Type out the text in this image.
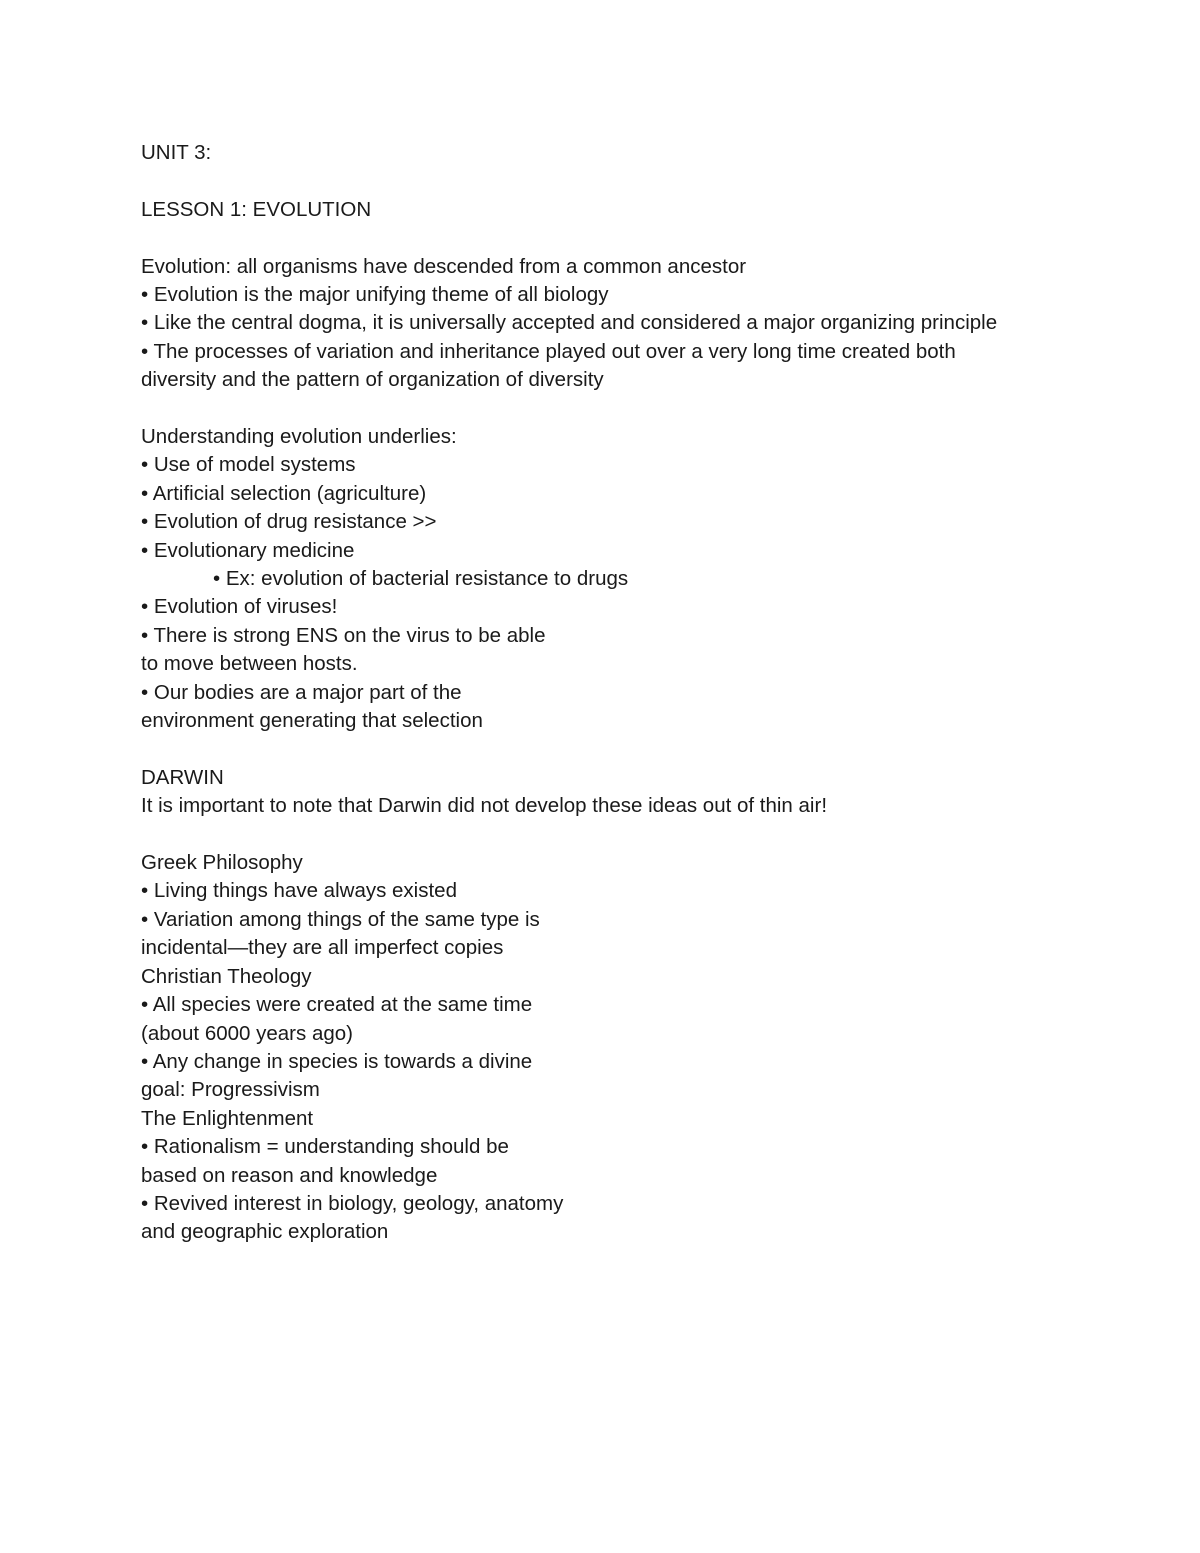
UNIT 3:

LESSON 1: EVOLUTION

Evolution: all organisms have descended from a common ancestor

• Evolution is the major unifying theme of all biology

• Like the central dogma, it is universally accepted and considered a major organizing principle

• The processes of variation and inheritance played out over a very long time created both

diversity and the pattern of organization of diversity

Understanding evolution underlies:

• Use of model systems

• Artificial selection (agriculture)

• Evolution of drug resistance >>

• Evolutionary medicine

• Ex: evolution of bacterial resistance to drugs

• Evolution of viruses!

• There is strong ENS on the virus to be able

to move between hosts.

• Our bodies are a major part of the

environment generating that selection

DARWIN

It is important to note that Darwin did not develop these ideas out of thin air!

Greek Philosophy

• Living things have always existed

• Variation among things of the same type is

incidental—they are all imperfect copies

Christian Theology

• All species were created at the same time

(about 6000 years ago)

• Any change in species is towards a divine

goal: Progressivism

The Enlightenment

• Rationalism = understanding should be

based on reason and knowledge

• Revived interest in biology, geology, anatomy

and geographic exploration
